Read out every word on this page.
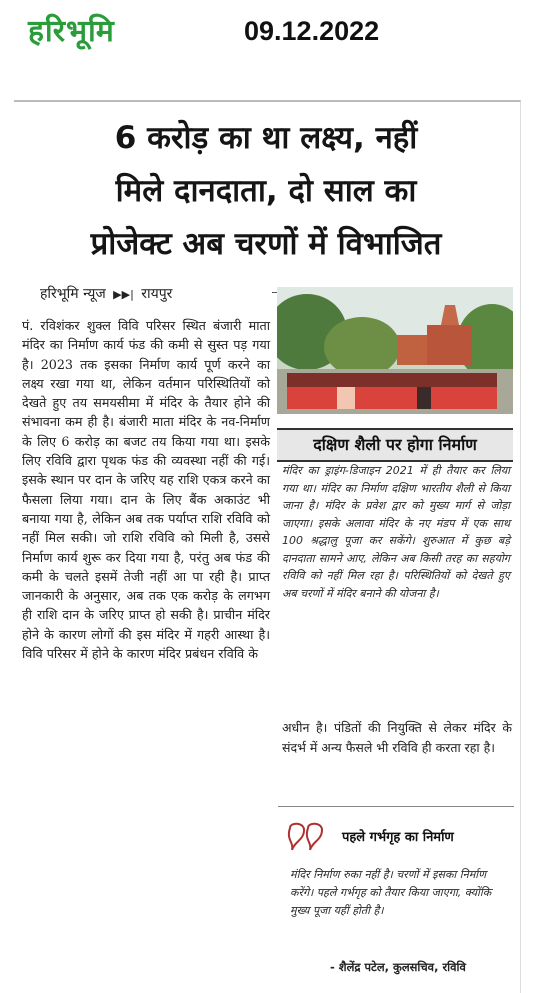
हरिभूमि	09.12.2022
6 करोड़ का था लक्ष्य, नहीं
मिले दानदाता, दो साल का
प्रोजेक्ट अब चरणों में विभाजित
हरिभूमि न्यूज ▶▶| रायपुर

पं. रविशंकर शुक्ल विवि परिसर स्थित बंजारी माता मंदिर का निर्माण कार्य फंड की कमी से सुस्त पड़ गया है। 2023 तक इसका निर्माण कार्य पूर्ण करने का लक्ष्य रखा गया था, लेकिन वर्तमान परिस्थितियों को देखते हुए तय समयसीमा में मंदिर के तैयार होने की संभावना कम ही है। बंजारी माता मंदिर के नव-निर्माण के लिए 6 करोड़ का बजट तय किया गया था। इसके लिए रविवि द्वारा पृथक फंड की व्यवस्था नहीं की गई। इसके स्थान पर दान के जरिए यह राशि एकत्र करने का फैसला लिया गया। दान के लिए बैंक अकाउंट भी बनाया गया है, लेकिन अब तक पर्याप्त राशि रविवि को नहीं मिल सकी। जो राशि रविवि को मिली है, उससे निर्माण कार्य शुरू कर दिया गया है, परंतु अब फंड की कमी के चलते इसमें तेजी नहीं आ पा रही है। प्राप्त जानकारी के अनुसार, अब तक एक करोड़ के लगभग ही राशि दान के जरिए प्राप्त हो सकी है। प्राचीन मंदिर होने के कारण लोगों की इस मंदिर में गहरी आस्था है। विवि परिसर में होने के कारण मंदिर प्रबंधन रविवि के

दक्षिण शैली पर होगा निर्माण

मंदिर का ड्राइंग-डिजाइन 2021 में ही तैयार कर लिया गया था। मंदिर का निर्माण दक्षिण भारतीय शैली से किया जाना है। मंदिर के प्रवेश द्वार को मुख्य मार्ग से जोड़ा जाएगा। इसके अलावा मंदिर के नए मंडप में एक साथ 100 श्रद्धालु पूजा कर सकेंगे। शुरुआत में कुछ बड़े दानदाता सामने आए, लेकिन अब किसी तरह का सहयोग रविवि को नहीं मिल रहा है। परिस्थितियों को देखते हुए अब चरणों में मंदिर बनाने की योजना है।

अधीन है। पंडितों की नियुक्ति से लेकर मंदिर के संदर्भ में अन्य फैसले भी रविवि ही करता रहा है।

पहले गर्भगृह का निर्माण

मंदिर निर्माण रुका नहीं है। चरणों में इसका निर्माण करेंगे। पहले गर्भगृह को तैयार किया जाएगा, क्योंकि मुख्य पूजा यहीं होती है।

- शैलेंद्र पटेल, कुलसचिव, रविवि
